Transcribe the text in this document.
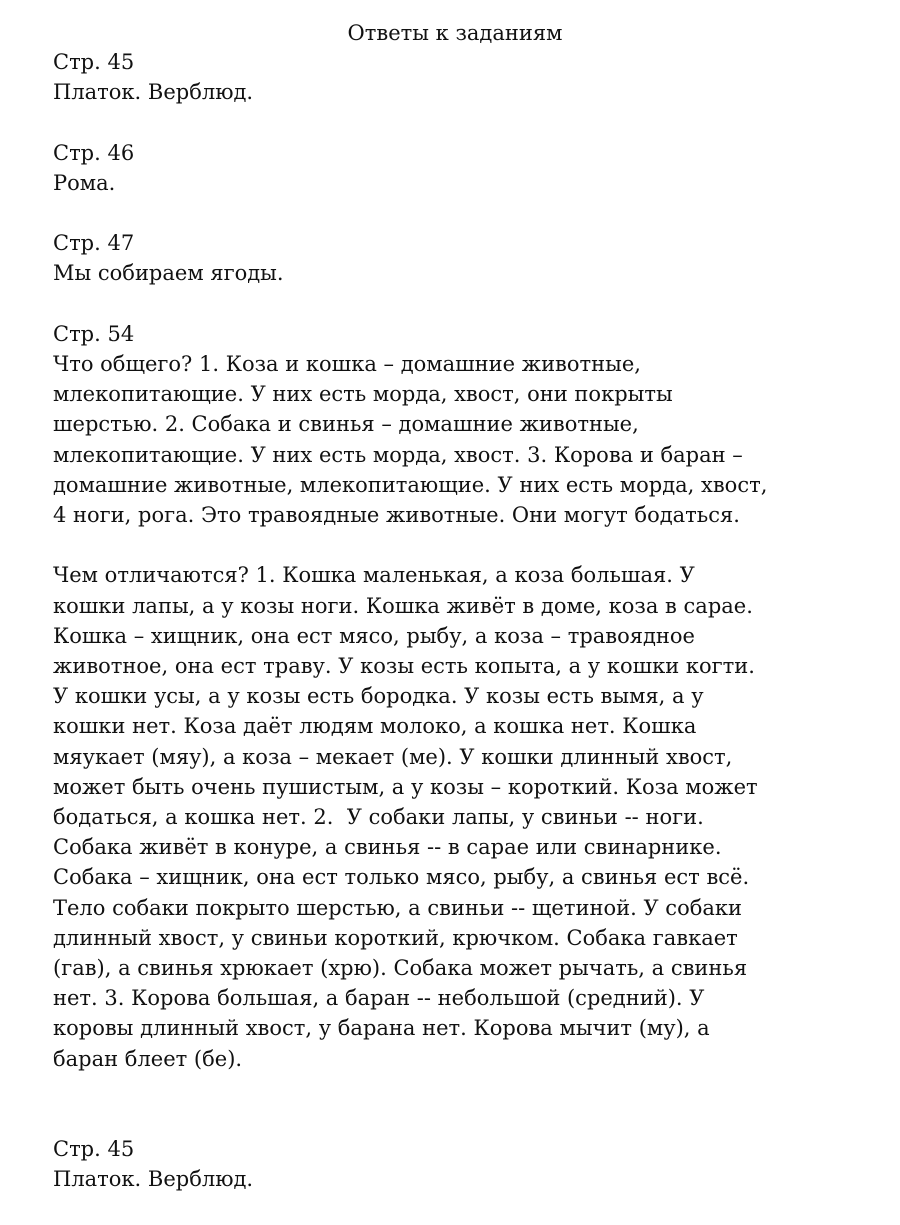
Ответы к заданиям

Стр. 45

Платок. Верблюд.

Стр. 46

Рома.

Стр. 47

Мы собираем ягоды.

Стр. 54

Что общего? 1. Коза и кошка – домашние животные,
млекопитающие. У них есть морда, хвост, они покрыты
шерстью. 2. Собака и свинья – домашние животные,
млекопитающие. У них есть морда, хвост. 3. Корова и баран –
домашние животные, млекопитающие. У них есть морда, хвост,
4 ноги, рога. Это травоядные животные. Они могут бодаться.
Чем отличаются? 1. Кошка маленькая, а коза большая. У
кошки лапы, а у козы ноги. Кошка живёт в доме, коза в сарае.
Кошка – хищник, она ест мясо, рыбу, а коза – травоядное
животное, она ест траву. У козы есть копыта, а у кошки когти.
У кошки усы, а у козы есть бородка. У козы есть вымя, а у
кошки нет. Коза даёт людям молоко, а кошка нет. Кошка
мяукает (мяу), а коза – мекает (ме). У кошки длинный хвост,
может быть очень пушистым, а у козы – короткий. Коза может
бодаться, а кошка нет. 2.  У собаки лапы, у свиньи -- ноги.
Собака живёт в конуре, а свинья -- в сарае или свинарнике.
Собака – хищник, она ест только мясо, рыбу, а свинья ест всё.
Тело собаки покрыто шерстью, а свиньи -- щетиной. У собаки
длинный хвост, у свиньи короткий, крючком. Собака гавкает
(гав), а свинья хрюкает (хрю). Собака может рычать, а свинья
нет. 3. Корова большая, а баран -- небольшой (средний). У
коровы длинный хвост, у барана нет. Корова мычит (му), а
баран блеет (бе).

Стр. 45

Платок. Верблюд.
